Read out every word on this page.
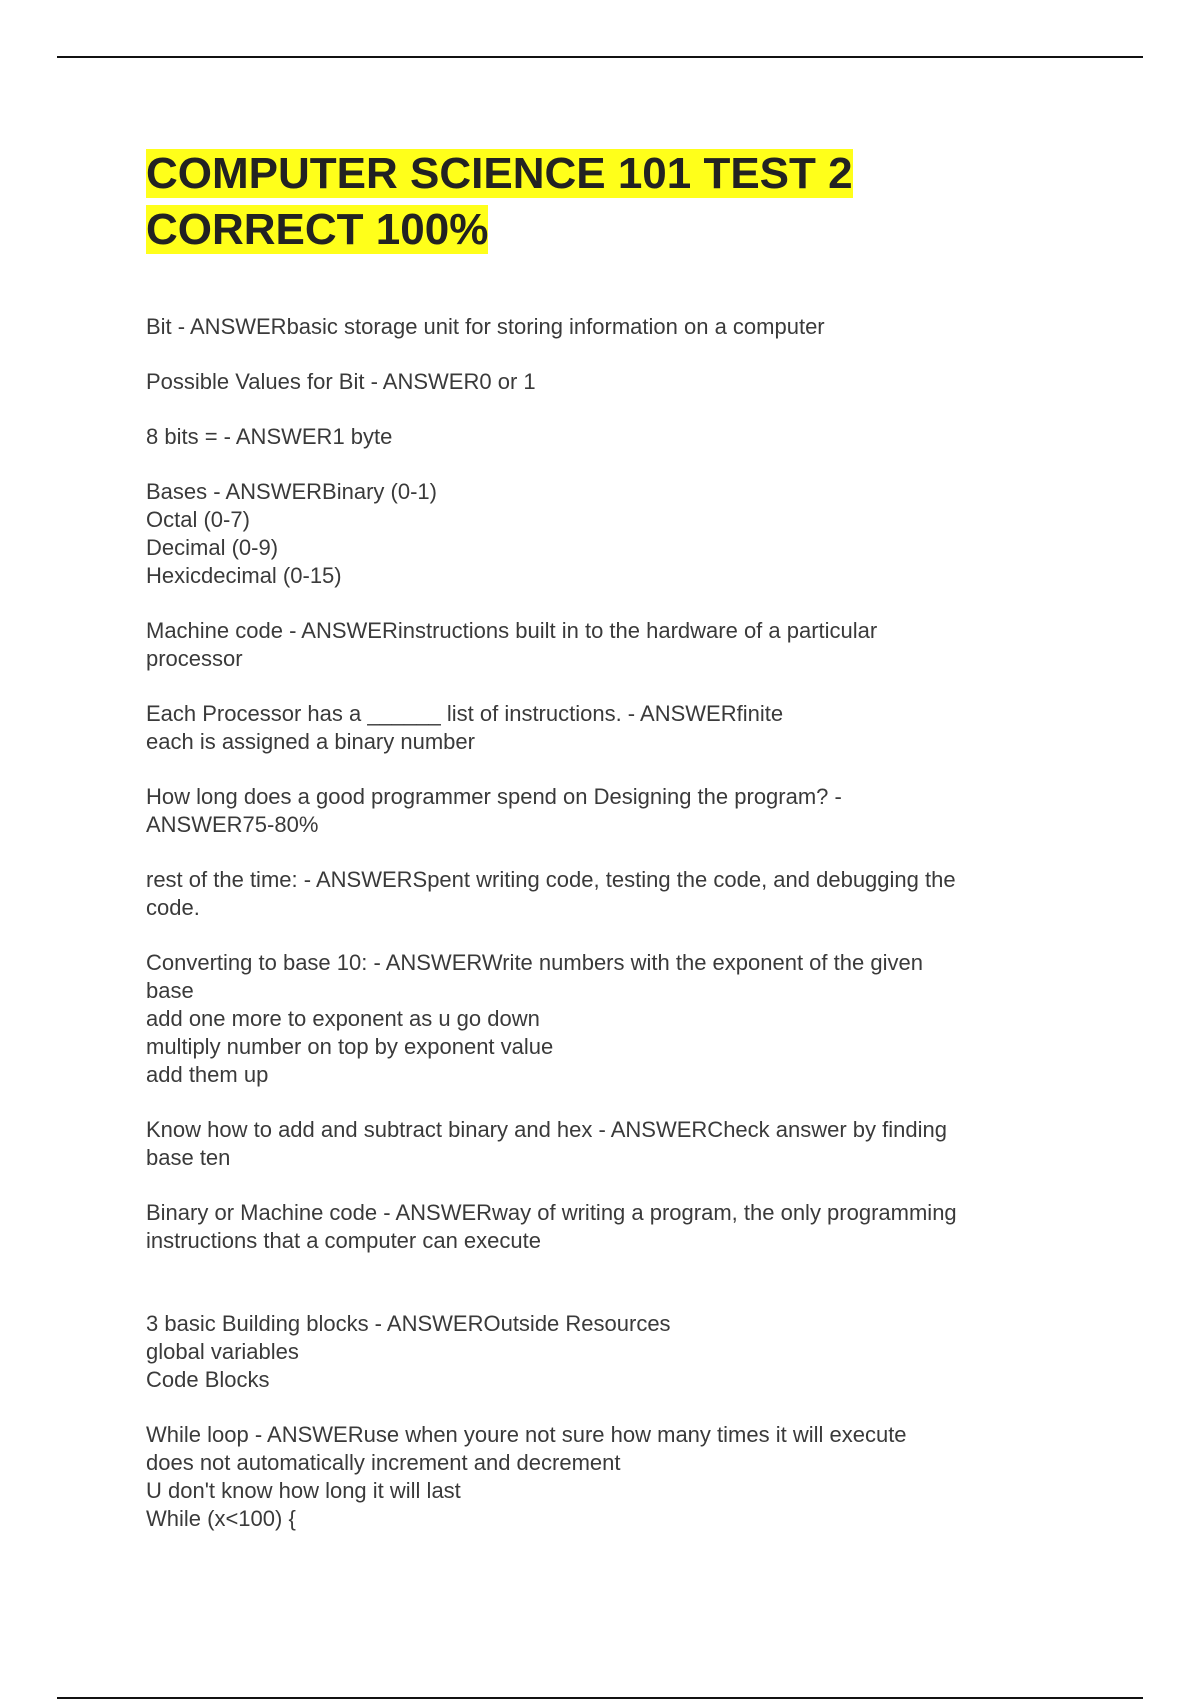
COMPUTER SCIENCE 101 TEST 2
CORRECT 100%
Bit - ANSWERbasic storage unit for storing information on a computer
Possible Values for Bit - ANSWER0 or 1
8 bits = - ANSWER1 byte
Bases - ANSWERBinary (0-1)
Octal (0-7)
Decimal (0-9)
Hexicdecimal (0-15)
Machine code - ANSWERinstructions built in to the hardware of a particular
processor
Each Processor has a ______ list of instructions. - ANSWERfinite
each is assigned a binary number
How long does a good programmer spend on Designing the program? -
ANSWER75-80%
rest of the time: - ANSWERSpent writing code, testing the code, and debugging the
code.
Converting to base 10: - ANSWERWrite numbers with the exponent of the given
base
add one more to exponent as u go down
multiply number on top by exponent value
add them up
Know how to add and subtract binary and hex - ANSWERCheck answer by finding
base ten
Binary or Machine code - ANSWERway of writing a program, the only programming
instructions that a computer can execute
3 basic Building blocks - ANSWEROutside Resources
global variables
Code Blocks
While loop - ANSWERuse when youre not sure how many times it will execute
does not automatically increment and decrement
U don't know how long it will last
While (x<100) {
